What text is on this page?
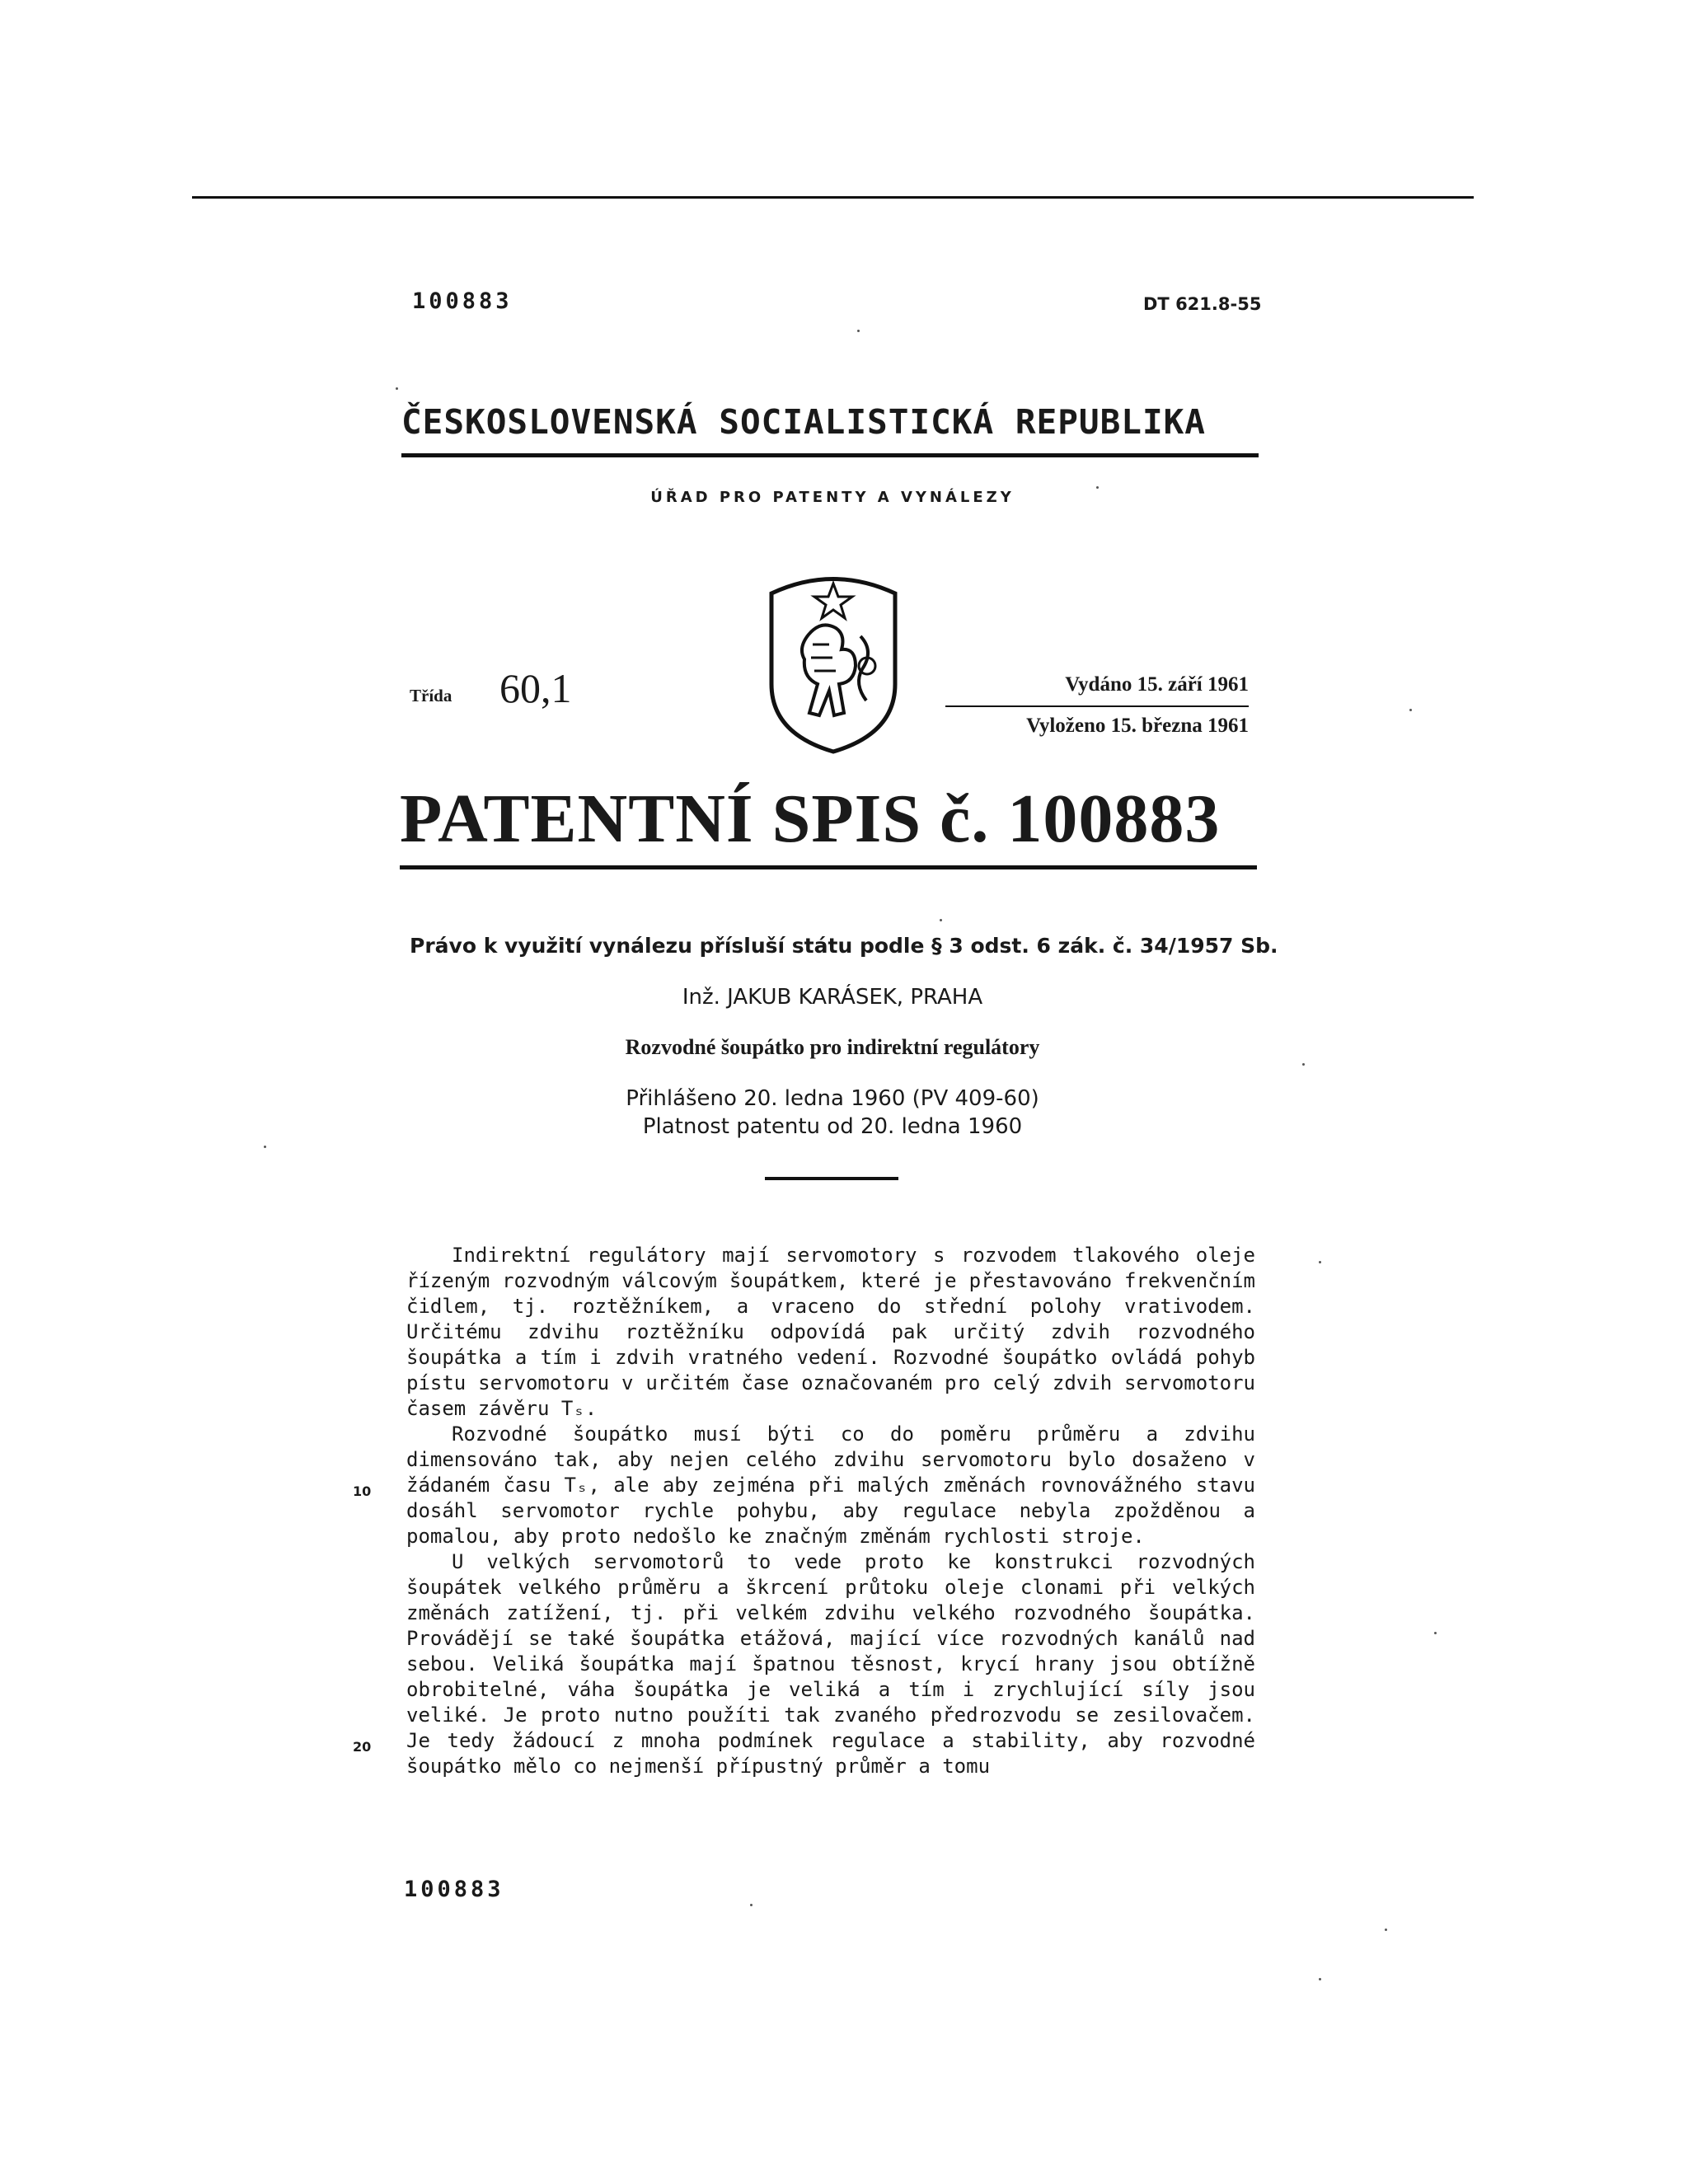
100883	DT 621.8-55
ČESKOSLOVENSKÁ SOCIALISTICKÁ REPUBLIKA
ÚŘAD PRO PATENTY A VYNÁLEZY
Třída 60,1	Vydáno 15. září 1961
Vyloženo 15. března 1961
PATENTNÍ SPIS č. 100883
Právo k využití vynálezu přísluší státu podle § 3 odst. 6 zák. č. 34/1957 Sb.
Inž. JAKUB KARÁSEK, PRAHA
Rozvodné šoupátko pro indirektní regulátory
Přihlášeno 20. ledna 1960 (PV 409-60)
Platnost patentu od 20. ledna 1960

Indirektní regulátory mají servomotory s rozvodem tlakového oleje řízeným rozvodným válcovým šoupátkem, které je přestavováno frekvenčním čidlem, tj. roztěžníkem, a vraceno do střední polohy vrativodem. Určitému zdvihu roztěžníku odpovídá pak určitý zdvih rozvodného šoupátka a tím i zdvih vratného vedení. Rozvodné šoupátko ovládá pohyb pístu servomotoru v určitém čase označovaném pro celý zdvih servomotoru časem závěru Tₛ.

Rozvodné šoupátko musí býti co do poměru průměru a zdvihu dimensováno tak, aby nejen celého zdvihu servomotoru bylo dosaženo v žádaném času Tₛ, ale aby zejména při malých změnách rovnovážného stavu dosáhl servomotor rychle pohybu, aby regulace nebyla zpožděnou a pomalou, aby proto nedošlo ke značným změnám rychlosti stroje.

U velkých servomotorů to vede proto ke konstrukci rozvodných šoupátek velkého průměru a škrcení průtoku oleje clonami při velkých změnách zatížení, tj. při velkém zdvihu velkého rozvodného šoupátka. Provádějí se také šoupátka etážová, mající více rozvodných kanálů nad sebou. Veliká šoupátka mají špatnou těsnost, krycí hrany jsou obtížně obrobitelné, váha šoupátka je veliká a tím i zrychlující síly jsou veliké. Je proto nutno použíti tak zvaného předrozvodu se zesilovačem. Je tedy žádoucí z mnoha podmínek regulace a stability, aby rozvodné šoupátko mělo co nejmenší přípustný průměr a tomu

10
20
100883
